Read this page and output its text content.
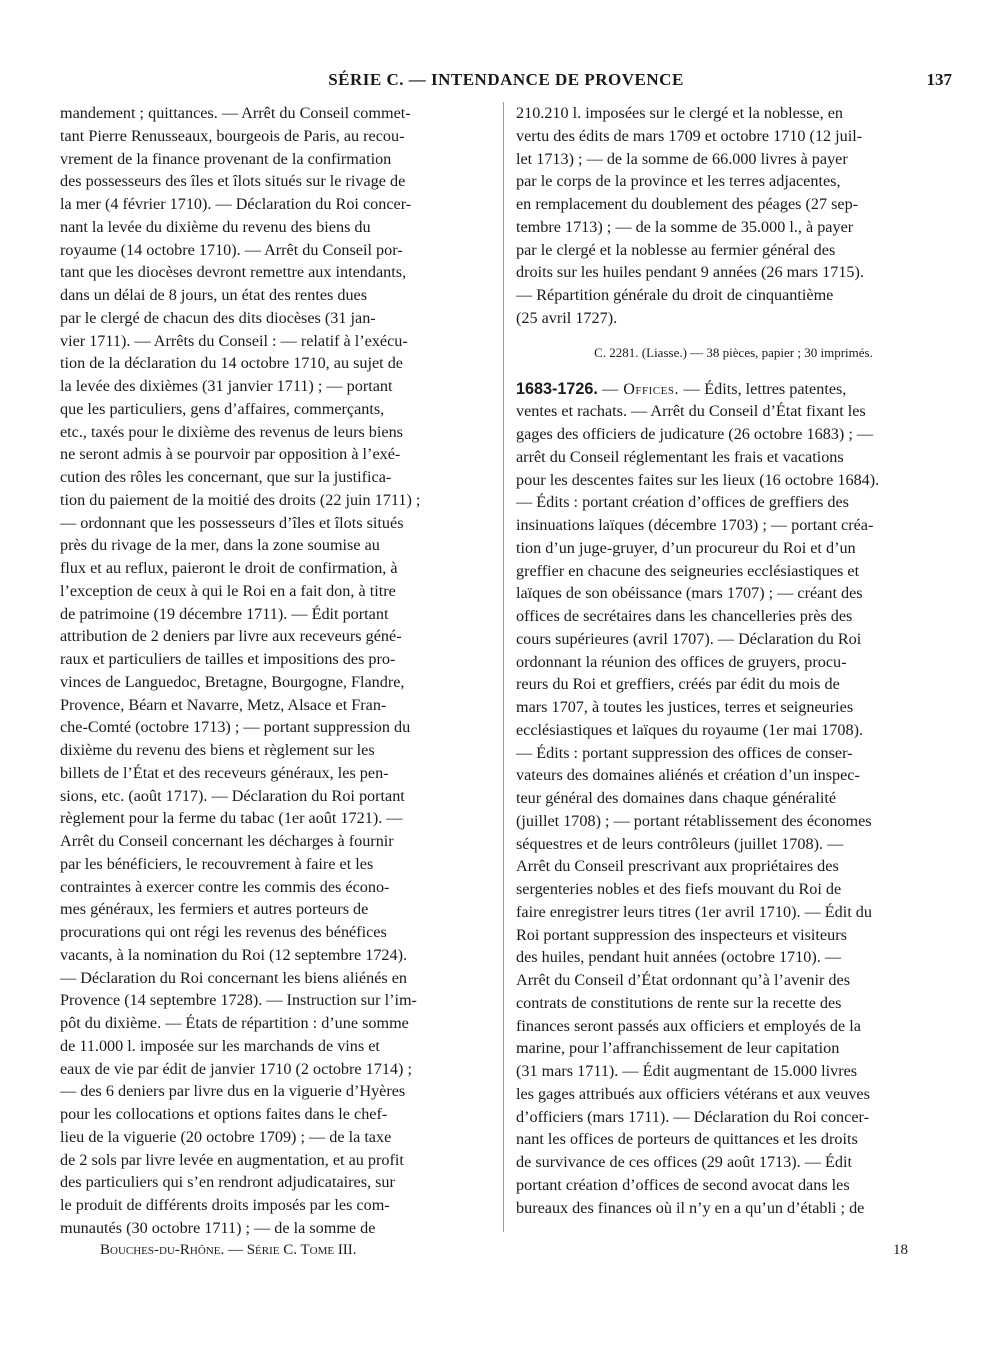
SÉRIE C. — INTENDANCE DE PROVENCE	137
mandement ; quittances. — Arrêt du Conseil commet-
tant Pierre Renusseaux, bourgeois de Paris, au recou-
vrement de la finance provenant de la confirmation
des possesseurs des îles et îlots situés sur le rivage de
la mer (4 février 1710). — Déclaration du Roi concer-
nant la levée du dixième du revenu des biens du
royaume (14 octobre 1710). — Arrêt du Conseil por-
tant que les diocèses devront remettre aux intendants,
dans un délai de 8 jours, un état des rentes dues
par le clergé de chacun des dits diocèses (31 jan-
vier 1711). — Arrêts du Conseil : — relatif à l’exécu-
tion de la déclaration du 14 octobre 1710, au sujet de
la levée des dixièmes (31 janvier 1711) ; — portant
que les particuliers, gens d’affaires, commerçants,
etc., taxés pour le dixième des revenus de leurs biens
ne seront admis à se pourvoir par opposition à l’exé-
cution des rôles les concernant, que sur la justifica-
tion du paiement de la moitié des droits (22 juin 1711) ;
— ordonnant que les possesseurs d’îles et îlots situés
près du rivage de la mer, dans la zone soumise au
flux et au reflux, paieront le droit de confirmation, à
l’exception de ceux à qui le Roi en a fait don, à titre
de patrimoine (19 décembre 1711). — Édit portant
attribution de 2 deniers par livre aux receveurs géné-
raux et particuliers de tailles et impositions des pro-
vinces de Languedoc, Bretagne, Bourgogne, Flandre,
Provence, Béarn et Navarre, Metz, Alsace et Fran-
che-Comté (octobre 1713) ; — portant suppression du
dixième du revenu des biens et règlement sur les
billets de l’État et des receveurs généraux, les pen-
sions, etc. (août 1717). — Déclaration du Roi portant
règlement pour la ferme du tabac (1er août 1721). —
Arrêt du Conseil concernant les décharges à fournir
par les bénéficiers, le recouvrement à faire et les
contraintes à exercer contre les commis des écono-
mes généraux, les fermiers et autres porteurs de
procurations qui ont régi les revenus des bénéfices
vacants, à la nomination du Roi (12 septembre 1724).
— Déclaration du Roi concernant les biens aliénés en
Provence (14 septembre 1728). — Instruction sur l’im-
pôt du dixième. — États de répartition : d’une somme
de 11.000 l. imposée sur les marchands de vins et
eaux de vie par édit de janvier 1710 (2 octobre 1714) ;
— des 6 deniers par livre dus en la viguerie d’Hyères
pour les collocations et options faites dans le chef-
lieu de la viguerie (20 octobre 1709) ; — de la taxe
de 2 sols par livre levée en augmentation, et au profit
des particuliers qui s’en rendront adjudicataires, sur
le produit de différents droits imposés par les com-
munautés (30 octobre 1711) ; — de la somme de
210.210 l. imposées sur le clergé et la noblesse, en
vertu des édits de mars 1709 et octobre 1710 (12 juil-
let 1713) ; — de la somme de 66.000 livres à payer
par le corps de la province et les terres adjacentes,
en remplacement du doublement des péages (27 sep-
tembre 1713) ; — de la somme de 35.000 l., à payer
par le clergé et la noblesse au fermier général des
droits sur les huiles pendant 9 années (26 mars 1715).
— Répartition générale du droit de cinquantième
(25 avril 1727).
C. 2281. (Liasse.) — 38 pièces, papier ; 30 imprimés.
1683-1726. — Offices. — Édits, lettres patentes,
ventes et rachats. — Arrêt du Conseil d’État fixant les
gages des officiers de judicature (26 octobre 1683) ; —
arrêt du Conseil réglementant les frais et vacations
pour les descentes faites sur les lieux (16 octobre 1684).
— Édits : portant création d’offices de greffiers des
insinuations laïques (décembre 1703) ; — portant créa-
tion d’un juge-gruyer, d’un procureur du Roi et d’un
greffier en chacune des seigneuries ecclésiastiques et
laïques de son obéissance (mars 1707) ; — créant des
offices de secrétaires dans les chancelleries près des
cours supérieures (avril 1707). — Déclaration du Roi
ordonnant la réunion des offices de gruyers, procu-
reurs du Roi et greffiers, créés par édit du mois de
mars 1707, à toutes les justices, terres et seigneuries
ecclésiastiques et laïques du royaume (1er mai 1708).
— Édits : portant suppression des offices de conser-
vateurs des domaines aliénés et création d’un inspec-
teur général des domaines dans chaque généralité
(juillet 1708) ; — portant rétablissement des économes
séquestres et de leurs contrôleurs (juillet 1708). —
Arrêt du Conseil prescrivant aux propriétaires des
sergenteries nobles et des fiefs mouvant du Roi de
faire enregistrer leurs titres (1er avril 1710). — Édit du
Roi portant suppression des inspecteurs et visiteurs
des huiles, pendant huit années (octobre 1710). —
Arrêt du Conseil d’État ordonnant qu’à l’avenir des
contrats de constitutions de rente sur la recette des
finances seront passés aux officiers et employés de la
marine, pour l’affranchissement de leur capitation
(31 mars 1711). — Édit augmentant de 15.000 livres
les gages attribués aux officiers vétérans et aux veuves
d’officiers (mars 1711). — Déclaration du Roi concer-
nant les offices de porteurs de quittances et les droits
de survivance de ces offices (29 août 1713). — Édit
portant création d’offices de second avocat dans les
bureaux des finances où il n’y en a qu’un d’établi ; de
Bouches-du-Rhône. — Série C. Tome III.	18
